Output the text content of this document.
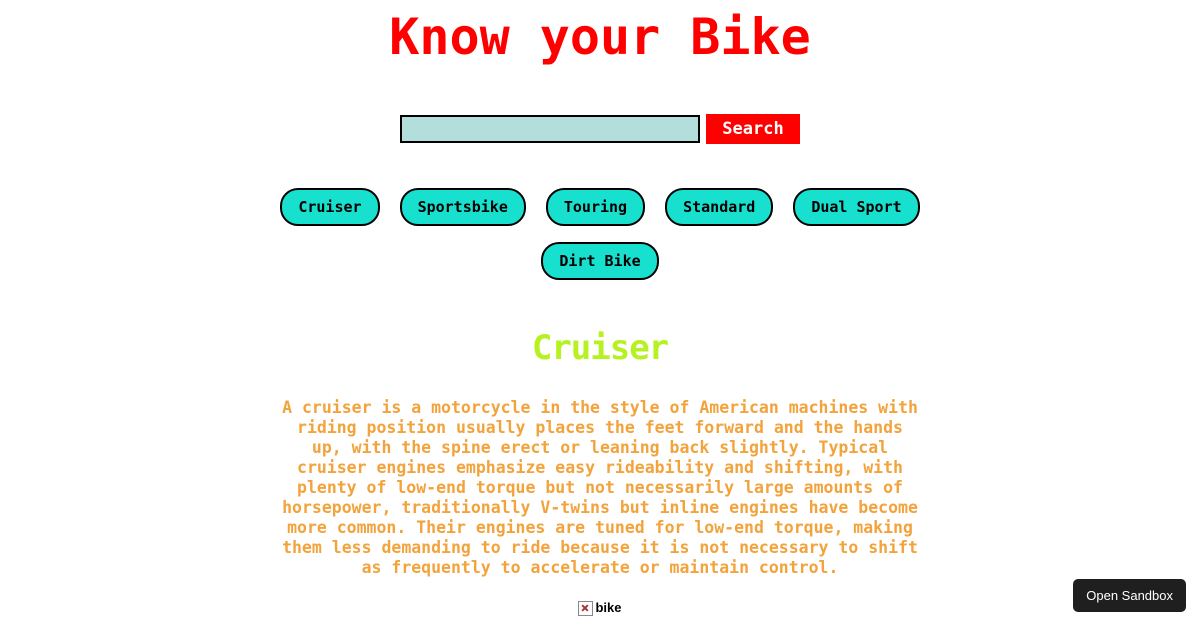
Know your Bike
Search
Cruiser	Sportsbike	Touring	Standard	Dual Sport
Dirt Bike
Cruiser

A cruiser is a motorcycle in the style of American machines with riding position usually places the feet forward and the hands up, with the spine erect or leaning back slightly. Typical cruiser engines emphasize easy rideability and shifting, with plenty of low-end torque but not necessarily large amounts of horsepower, traditionally V-twins but inline engines have become more common. Their engines are tuned for low-end torque, making them less demanding to ride because it is not necessary to shift as frequently to accelerate or maintain control.

bike
Open Sandbox
